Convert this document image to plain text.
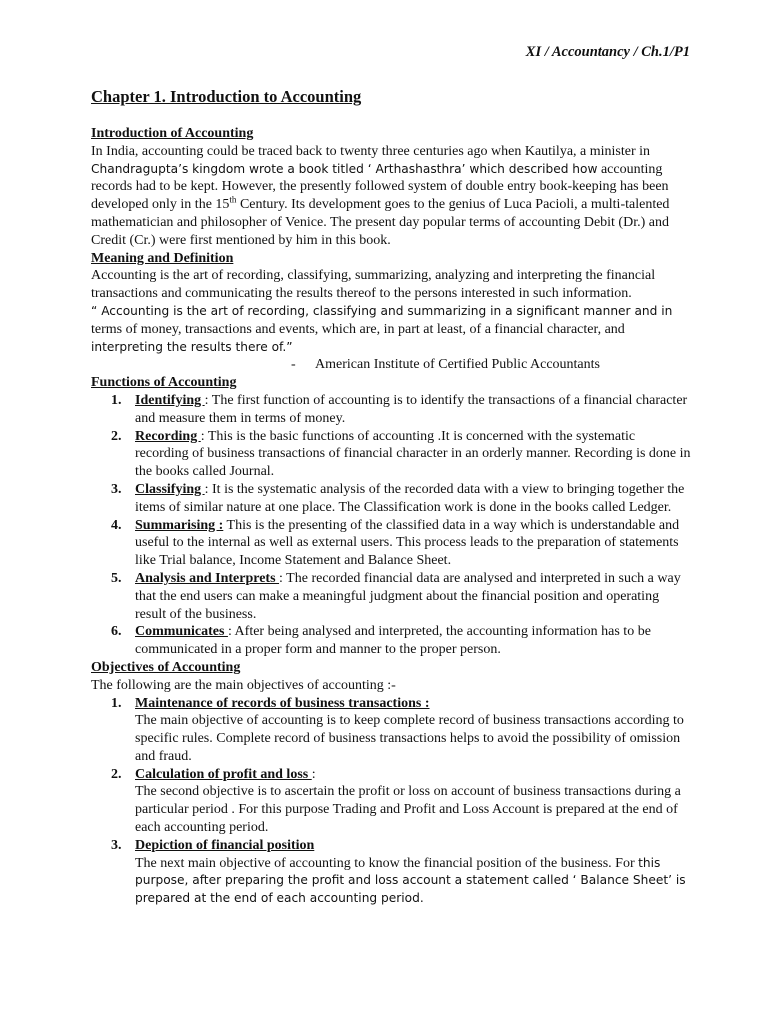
XI / Accountancy / Ch.1/P1
Chapter 1. Introduction to Accounting
Introduction of Accounting

In India, accounting could be traced back to twenty three centuries ago when Kautilya, a minister in Chandragupta’s kingdom wrote a book titled ‘ Arthashasthra’ which described how accounting records had to be kept. However, the presently followed system of double entry book-keeping has been developed only in the 15th Century. Its development goes to the genius of Luca Pacioli, a multi-talented mathematician and philosopher of Venice. The present day popular terms of accounting Debit (Dr.) and Credit (Cr.) were first mentioned by him in this book.

Meaning and Definition

Accounting is the art of recording, classifying, summarizing, analyzing and interpreting the financial transactions and communicating the results thereof to the persons interested in such information.

“ Accounting is the art of recording, classifying and summarizing in a significant manner and in terms of money, transactions and events, which are, in part at least, of a financial character, and interpreting the results there of.”

- American Institute of Certified Public Accountants

Functions of Accounting
1. Identifying : The first function of accounting is to identify the transactions of a financial character and measure them in terms of money.
2. Recording : This is the basic functions of accounting .It is concerned with the systematic recording of business transactions of financial character in an orderly manner. Recording is done in the books called Journal.
3. Classifying : It is the systematic analysis of the recorded data with a view to bringing together the items of similar nature at one place. The Classification work is done in the books called Ledger.
4. Summarising : This is the presenting of the classified data in a way which is understandable and useful to the internal as well as external users. This process leads to the preparation of statements like Trial balance, Income Statement and Balance Sheet.
5. Analysis and Interprets : The recorded financial data are analysed and interpreted in such a way that the end users can make a meaningful judgment about the financial position and operating result of the business.
6. Communicates : After being analysed and interpreted, the accounting information has to be communicated in a proper form and manner to the proper person.
Objectives of Accounting

The following are the main objectives of accounting :-

1. Maintenance of records of business transactions :
The main objective of accounting is to keep complete record of business transactions according to specific rules. Complete record of business transactions helps to avoid the possibility of omission and fraud.
2. Calculation of profit and loss :
The second objective is to ascertain the profit or loss on account of business transactions during a particular period . For this purpose Trading and Profit and Loss Account is prepared at the end of each accounting period.
3. Depiction of financial position
The next main objective of accounting to know the financial position of the business. For this purpose, after preparing the profit and loss account a statement called ‘ Balance Sheet’ is prepared at the end of each accounting period.
